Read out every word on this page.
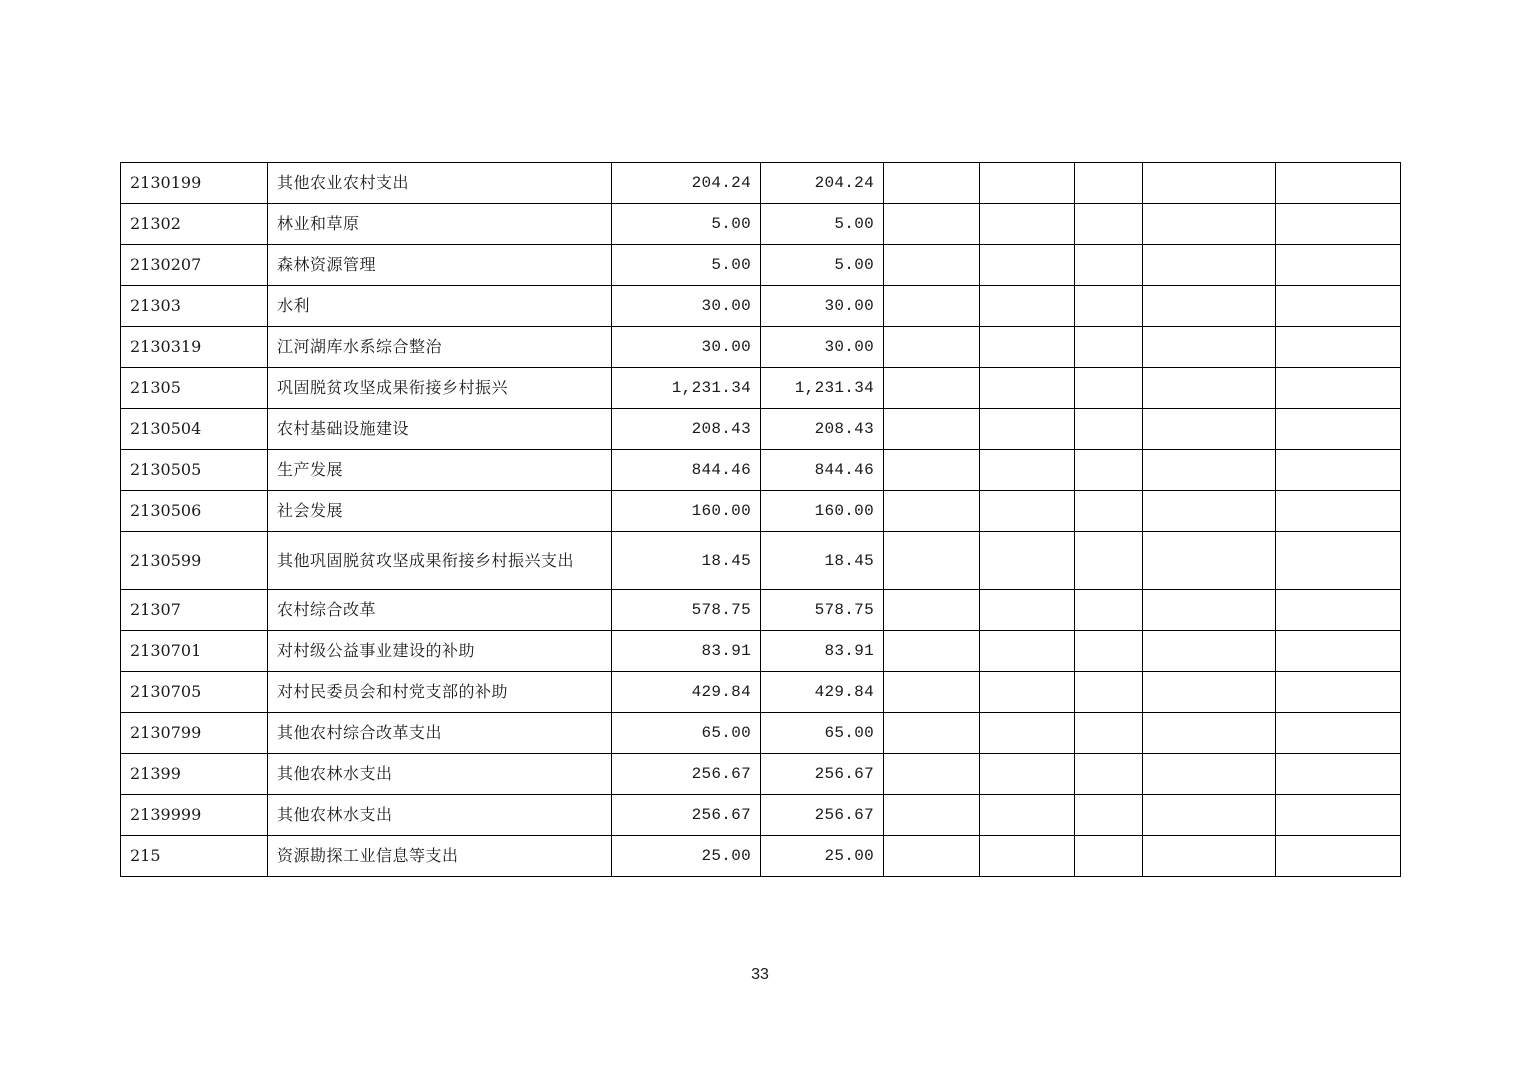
2130199	其他农业农村支出	204.24	204.24					
21302	林业和草原	5.00	5.00					
2130207	森林资源管理	5.00	5.00					
21303	水利	30.00	30.00					
2130319	江河湖库水系综合整治	30.00	30.00					
21305	巩固脱贫攻坚成果衔接乡村振兴	1,231.34	1,231.34					
2130504	农村基础设施建设	208.43	208.43					
2130505	生产发展	844.46	844.46					
2130506	社会发展	160.00	160.00					
2130599	其他巩固脱贫攻坚成果衔接乡村振兴支出	18.45	18.45					
21307	农村综合改革	578.75	578.75					
2130701	对村级公益事业建设的补助	83.91	83.91					
2130705	对村民委员会和村党支部的补助	429.84	429.84					
2130799	其他农村综合改革支出	65.00	65.00					
21399	其他农林水支出	256.67	256.67					
2139999	其他农林水支出	256.67	256.67					
215	资源勘探工业信息等支出	25.00	25.00					
33
